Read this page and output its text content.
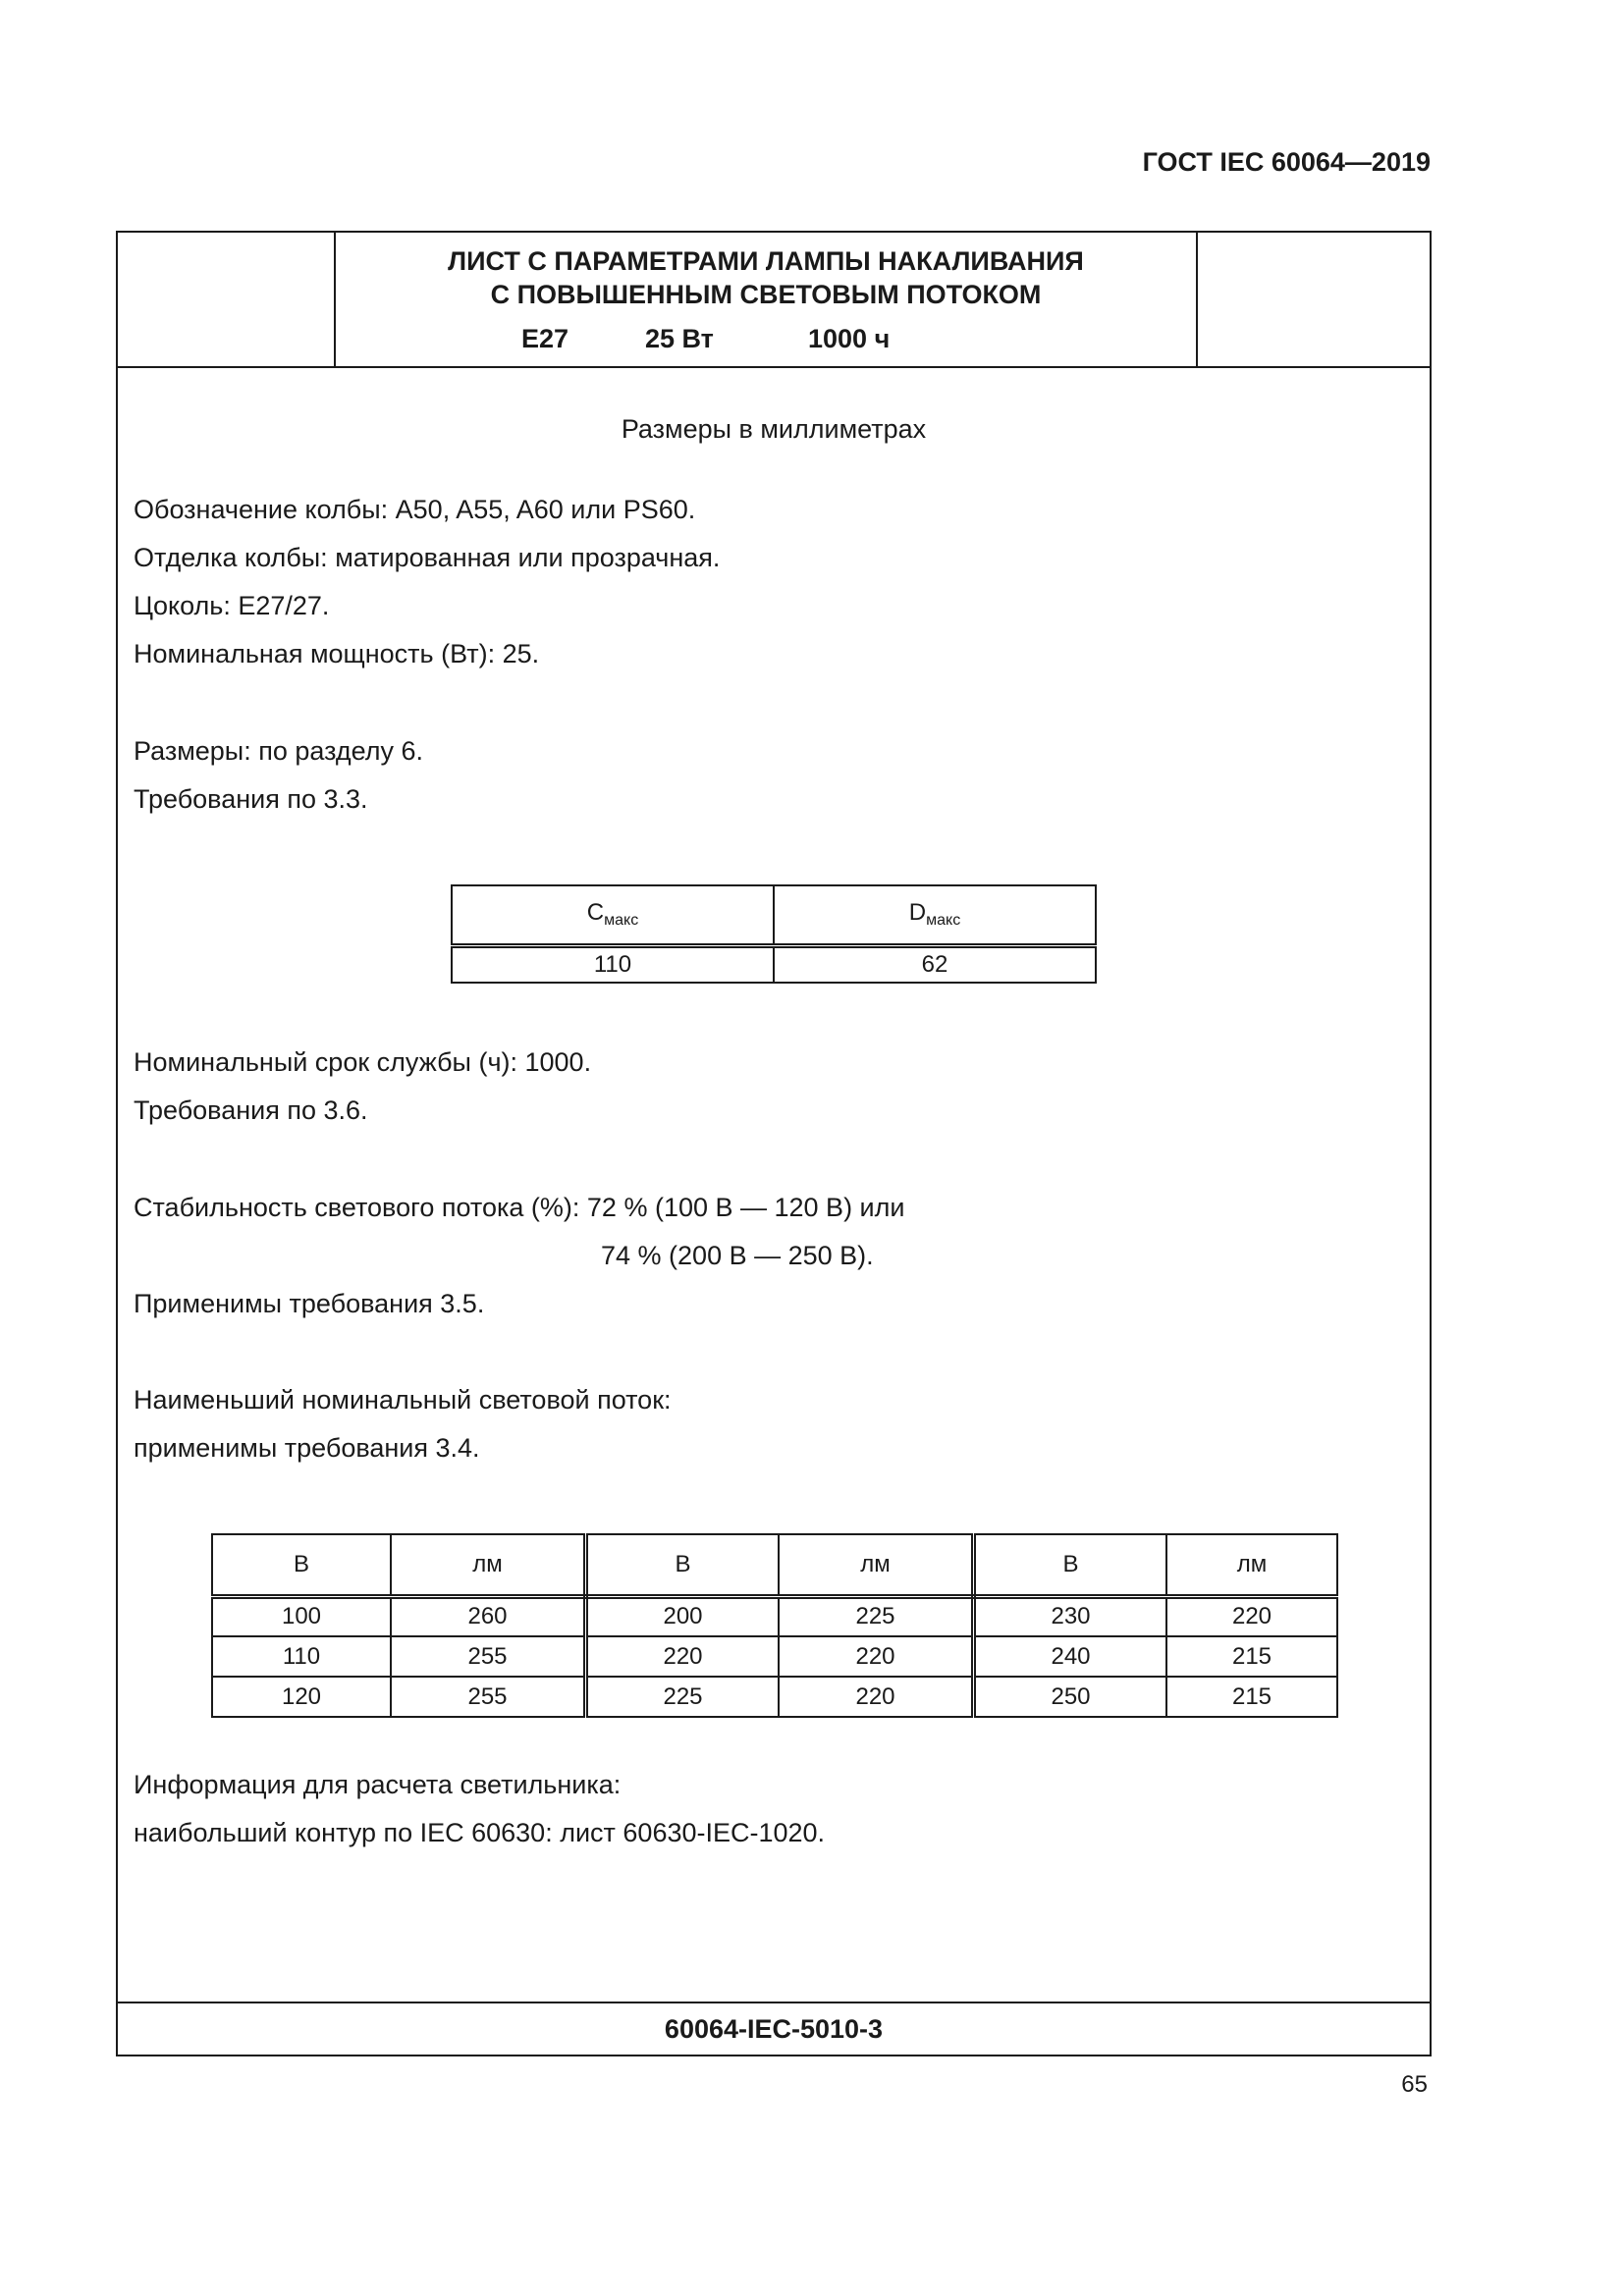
ГОСТ IEC 60064—2019
ЛИСТ С ПАРАМЕТРАМИ ЛАМПЫ НАКАЛИВАНИЯ
С ПОВЫШЕННЫМ СВЕТОВЫМ ПОТОКОМ
E27	25 Вт	1000 ч
Размеры в миллиметрах
Обозначение колбы: A50, A55, A60 или PS60.
Отделка колбы: матированная или прозрачная.
Цоколь: E27/27.
Номинальная мощность (Вт): 25.
Размеры: по разделу 6.
Требования по 3.3.
$C_{макс}$	$D_{макс}$
110	62
Номинальный срок службы (ч): 1000.
Требования по 3.6.
Стабильность светового потока (%): 72 % (100 В — 120 В) или
74 % (200 В — 250 В).
Применимы требования 3.5.
Наименьший номинальный световой поток:
применимы требования 3.4.
В	лм	В	лм	В	лм
100	260	200	225	230	220
110	255	220	220	240	215
120	255	225	220	250	215
Информация для расчета светильника:
наибольший контур по IEC 60630: лист 60630-IEC-1020.
60064-IEC-5010-3
65
